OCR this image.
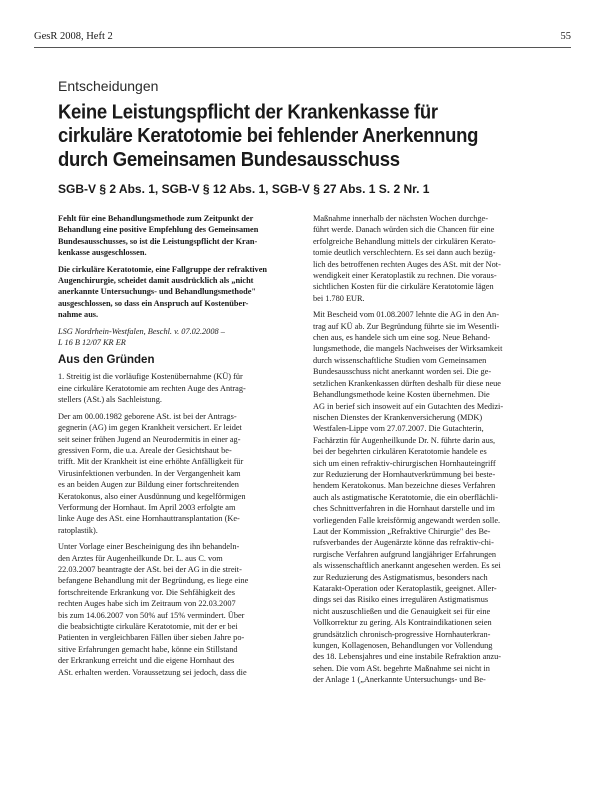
GesR 2008, Heft 2	55
Entscheidungen
Keine Leistungspflicht der Krankenkasse für
cirkuläre Keratotomie bei fehlender Anerkennung
durch Gemeinsamen Bundesausschuss
SGB-V § 2 Abs. 1, SGB-V § 12 Abs. 1, SGB-V § 27 Abs. 1 S. 2 Nr. 1
Fehlt für eine Behandlungsmethode zum Zeitpunkt der
Behandlung eine positive Empfehlung des Gemeinsamen
Bundesausschusses, so ist die Leistungspflicht der Kran-
kenkasse ausgeschlossen.
Die cirkuläre Keratotomie, eine Fallgruppe der refraktiven
Augenchirurgie, scheidet damit ausdrücklich als „nicht
anerkannte Untersuchungs- und Behandlungsmethode"
ausgeschlossen, so dass ein Anspruch auf Kostenüber-
nahme aus.
LSG Nordrhein-Westfalen, Beschl. v. 07.02.2008 –
L 16 B 12/07 KR ER
Aus den Gründen
1. Streitig ist die vorläufige Kostenübernahme (KÜ) für
eine cirkuläre Keratotomie am rechten Auge des Antrag-
stellers (ASt.) als Sachleistung.
Der am 00.00.1982 geborene ASt. ist bei der Antrags-
gegnerin (AG) im gegen Krankheit versichert. Er leidet
seit seiner frühen Jugend an Neurodermitis in einer ag-
gressiven Form, die u.a. Areale der Gesichtshaut be-
trifft. Mit der Krankheit ist eine erhöhte Anfälligkeit für
Virusinfektionen verbunden. In der Vergangenheit kam
es an beiden Augen zur Bildung einer fortschreitenden
Keratokonus, also einer Ausdünnung und kegelförmigen
Verformung der Hornhaut. Im April 2003 erfolgte am
linke Auge des ASt. eine Hornhauttransplantation (Ke-
ratoplastik).
Unter Vorlage einer Bescheinigung des ihn behandeln-
den Arztes für Augenheilkunde Dr. L. aus C. vom
22.03.2007 beantragte der ASt. bei der AG in die streit-
befangene Behandlung mit der Begründung, es liege eine
fortschreitende Erkrankung vor. Die Sehfähigkeit des
rechten Auges habe sich im Zeitraum von 22.03.2007
bis zum 14.06.2007 von 50% auf 15% vermindert. Über
die beabsichtigte cirkuläre Keratotomie, mit der er bei
Patienten in vergleichbaren Fällen über sieben Jahre po-
sitive Erfahrungen gemacht habe, könne ein Stillstand
der Erkrankung erreicht und die eigene Hornhaut des
ASt. erhalten werden. Voraussetzung sei jedoch, dass die
Maßnahme innerhalb der nächsten Wochen durchge-
führt werde. Danach würden sich die Chancen für eine
erfolgreiche Behandlung mittels der cirkulären Kerato-
tomie deutlich verschlechtern. Es sei dann auch bezüg-
lich des betroffenen rechten Auges des ASt. mit der Not-
wendigkeit einer Keratoplastik zu rechnen. Die voraus-
sichtlichen Kosten für die cirkuläre Keratotomie lägen
bei 1.780 EUR.
Mit Bescheid vom 01.08.2007 lehnte die AG in den An-
trag auf KÜ ab. Zur Begründung führte sie im Wesentli-
chen aus, es handele sich um eine sog. Neue Behand-
lungsmethode, die mangels Nachweises der Wirksamkeit
durch wissenschaftliche Studien vom Gemeinsamen
Bundesausschuss nicht anerkannt worden sei. Die ge-
setzlichen Krankenkassen dürften deshalb für diese neue
Behandlungsmethode keine Kosten übernehmen. Die
AG in berief sich insoweit auf ein Gutachten des Medizi-
nischen Dienstes der Krankenversicherung (MDK)
Westfalen-Lippe vom 27.07.2007. Die Gutachterin,
Fachärztin für Augenheilkunde Dr. N. führte darin aus,
bei der begehrten cirkulären Keratotomie handele es
sich um einen refraktiv-chirurgischen Hornhauteingriff
zur Reduzierung der Hornhautverkrümmung bei beste-
hendem Keratokonus. Man bezeichne dieses Verfahren
auch als astigmatische Keratotomie, die ein oberflächli-
ches Schnittverfahren in die Hornhaut darstelle und im
vorliegenden Falle kreisförmig angewandt werden solle.
Laut der Kommission „Refraktive Chirurgie" des Be-
rufsverbandes der Augenärzte könne das refraktiv-chi-
rurgische Verfahren aufgrund langjähriger Erfahrungen
als wissenschaftlich anerkannt angesehen werden. Es sei
zur Reduzierung des Astigmatismus, besonders nach
Katarakt-Operation oder Keratoplastik, geeignet. Aller-
dings sei das Risiko eines irregulären Astigmatismus
nicht auszuschließen und die Genauigkeit sei für eine
Vollkorrektur zu gering. Als Kontraindikationen seien
grundsätzlich chronisch-progressive Hornhauterkran-
kungen, Kollagenosen, Behandlungen vor Vollendung
des 18. Lebensjahres und eine instabile Refraktion anzu-
sehen. Die vom ASt. begehrte Maßnahme sei nicht in
der Anlage 1 („Anerkannte Untersuchungs- und Be-
